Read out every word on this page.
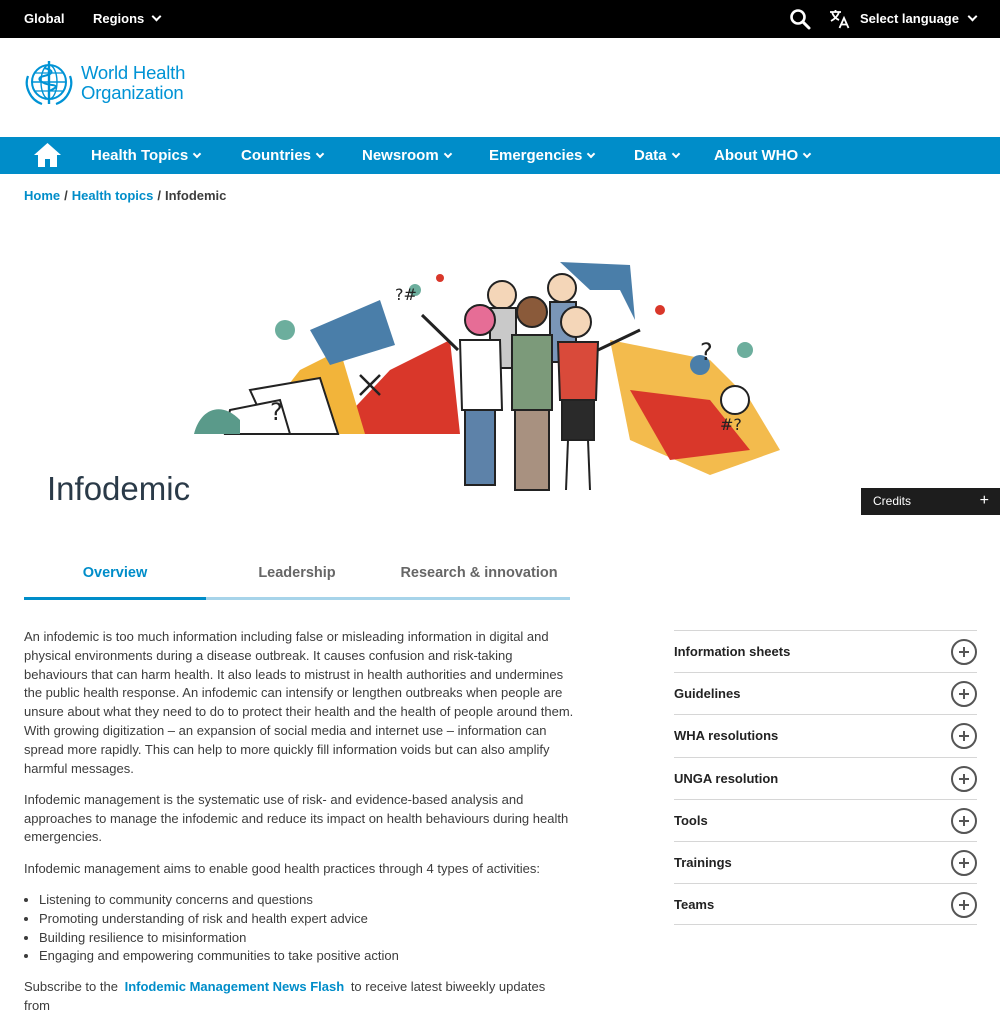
Global Regions	Select language
World Health
Organization
Health Topics	Countries	Newsroom	Emergencies	Data	About WHO
Home / Health topics / Infodemic
?
?#
?
#?
Infodemic	Credits	+
Overview	Leadership	Research & innovation

An infodemic is too much information including false or misleading information in digital and physical environments during a disease outbreak. It causes confusion and risk-taking behaviours that can harm health. It also leads to mistrust in health authorities and undermines the public health response. An infodemic can intensify or lengthen outbreaks when people are unsure about what they need to do to protect their health and the health of people around them.
With growing digitization – an expansion of social media and internet use – information can spread more rapidly. This can help to more quickly fill information voids but can also amplify harmful messages.

Infodemic management is the systematic use of risk- and evidence-based analysis and approaches to manage the infodemic and reduce its impact on health behaviours during health emergencies.

Infodemic management aims to enable good health practices through 4 types of activities:

• Listening to community concerns and questions
• Promoting understanding of risk and health expert advice
• Building resilience to misinformation
• Engaging and empowering communities to take positive action

Subscribe to the Infodemic Management News Flash to receive latest biweekly updates from

Information sheets
Guidelines
WHA resolutions
UNGA resolution
Tools
Trainings
Teams
